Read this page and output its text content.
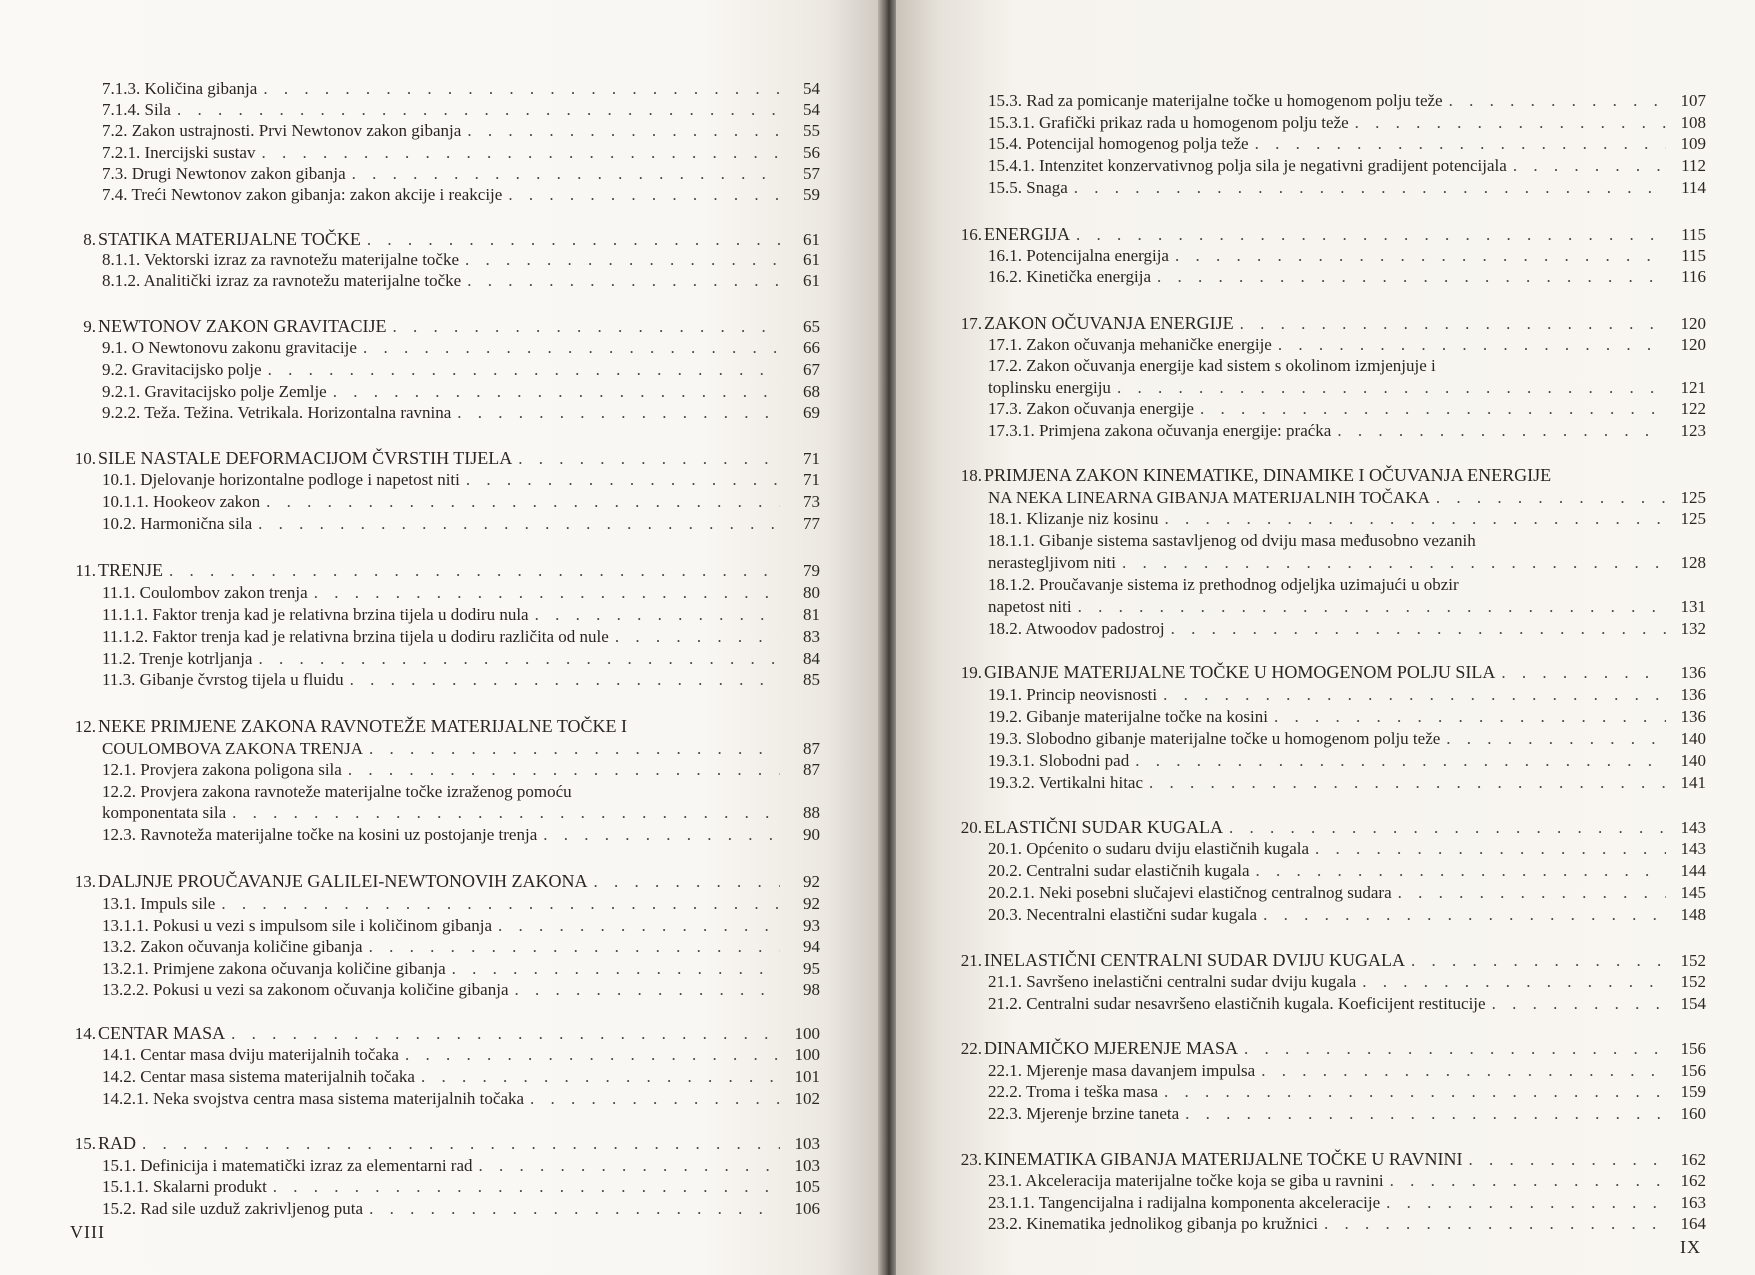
7.1.3. Količina gibanja . . .	54
7.1.4. Sila . . .	54
7.2. Zakon ustrajnosti. Prvi Newtonov zakon gibanja . . .	55
7.2.1. Inercijski sustav . . .	56
7.3. Drugi Newtonov zakon gibanja . . .	57
7.4. Treći Newtonov zakon gibanja: zakon akcije i reakcije . . .	59
8. STATIKA MATERIJALNE TOČKE . . .	61
8.1.1. Vektorski izraz za ravnotežu materijalne točke . . .	61
8.1.2. Analitički izraz za ravnotežu materijalne točke . . .	61
9. NEWTONOV ZAKON GRAVITACIJE . . .	65
9.1. O Newtonovu zakonu gravitacije . . .	66
9.2. Gravitacijsko polje . . .	67
9.2.1. Gravitacijsko polje Zemlje . . .	68
9.2.2. Teža. Težina. Vetrikala. Horizontalna ravnina . . .	69
10. SILE NASTALE DEFORMACIJOM ČVRSTIH TIJELA . . .	71
10.1. Djelovanje horizontalne podloge i napetost niti . . .	71
10.1.1. Hookeov zakon . . .	73
10.2. Harmonična sila . . .	77
11. TRENJE . . .	79
11.1. Coulombov zakon trenja . . .	80
11.1.1. Faktor trenja kad je relativna brzina tijela u dodiru nula . . .	81
11.1.2. Faktor trenja kad je relativna brzina tijela u dodiru različita od nule . . .	83
11.2. Trenje kotrljanja . . .	84
11.3. Gibanje čvrstog tijela u fluidu . . .	85
12. NEKE PRIMJENE ZAKONA RAVNOTEŽE MATERIJALNE TOČKE I
COULOMBOVA ZAKONA TRENJA . . .	87
12.1. Provjera zakona poligona sila . . .	87
12.2. Provjera zakona ravnoteže materijalne točke izraženog pomoću
komponentata sila . . .	88
12.3. Ravnoteža materijalne točke na kosini uz postojanje trenja . . .	90
13. DALJNJE PROUČAVANJE GALILEI-NEWTONOVIH ZAKONA . . .	92
13.1. Impuls sile . . .	92
13.1.1. Pokusi u vezi s impulsom sile i količinom gibanja . . .	93
13.2. Zakon očuvanja količine gibanja . . .	94
13.2.1. Primjene zakona očuvanja količine gibanja . . .	95
13.2.2. Pokusi u vezi sa zakonom očuvanja količine gibanja . . .	98
14. CENTAR MASA . . .	100
14.1. Centar masa dviju materijalnih točaka . . .	100
14.2. Centar masa sistema materijalnih točaka . . .	101
14.2.1. Neka svojstva centra masa sistema materijalnih točaka . . .	102
15. RAD . . .	103
15.1. Definicija i matematički izraz za elementarni rad . . .	103
15.1.1. Skalarni produkt . . .	105
15.2. Rad sile uzduž zakrivljenog puta . . .	106
VIII
15.3. Rad za pomicanje materijalne točke u homogenom polju teže . . .	107
15.3.1. Grafički prikaz rada u homogenom polju teže . . .	108
15.4. Potencijal homogenog polja teže . . .	109
15.4.1. Intenzitet konzervativnog polja sila je negativni gradijent potencijala . . .	112
15.5. Snaga . . .	114
16. ENERGIJA . . .	115
16.1. Potencijalna energija . . .	115
16.2. Kinetička energija . . .	116
17. ZAKON OČUVANJA ENERGIJE . . .	120
17.1. Zakon očuvanja mehaničke energije . . .	120
17.2. Zakon očuvanja energije kad sistem s okolinom izmjenjuje i
toplinsku energiju . . .	121
17.3. Zakon očuvanja energije . . .	122
17.3.1. Primjena zakona očuvanja energije: praćka . . .	123
18. PRIMJENA ZAKON KINEMATIKE, DINAMIKE I OČUVANJA ENERGIJE
NA NEKA LINEARNA GIBANJA MATERIJALNIH TOČAKA . . .	125
18.1. Klizanje niz kosinu . . .	125
18.1.1. Gibanje sistema sastavljenog od dviju masa međusobno vezanih
nerastegljivom niti . . .	128
18.1.2. Proučavanje sistema iz prethodnog odjeljka uzimajući u obzir
napetost niti . . .	131
18.2. Atwoodov padostroj . . .	132
19. GIBANJE MATERIJALNE TOČKE U HOMOGENOM POLJU SILA . . .	136
19.1. Princip neovisnosti . . .	136
19.2. Gibanje materijalne točke na kosini . . .	136
19.3. Slobodno gibanje materijalne točke u homogenom polju teže . . .	140
19.3.1. Slobodni pad . . .	140
19.3.2. Vertikalni hitac . . .	141
20. ELASTIČNI SUDAR KUGALA . . .	143
20.1. Općenito o sudaru dviju elastičnih kugala . . .	143
20.2. Centralni sudar elastičnih kugala . . .	144
20.2.1. Neki posebni slučajevi elastičnog centralnog sudara . . .	145
20.3. Necentralni elastični sudar kugala . . .	148
21. INELASTIČNI CENTRALNI SUDAR DVIJU KUGALA . . .	152
21.1. Savršeno inelastični centralni sudar dviju kugala . . .	152
21.2. Centralni sudar nesavršeno elastičnih kugala. Koeficijent restitucije . . .	154
22. DINAMIČKO MJERENJE MASA . . .	156
22.1. Mjerenje masa davanjem impulsa . . .	156
22.2. Troma i teška masa . . .	159
22.3. Mjerenje brzine taneta . . .	160
23. KINEMATIKA GIBANJA MATERIJALNE TOČKE U RAVNINI . . .	162
23.1. Akceleracija materijalne točke koja se giba u ravnini . . .	162
23.1.1. Tangencijalna i radijalna komponenta akceleracije . . .	163
23.2. Kinematika jednolikog gibanja po kružnici . . .	164
IX
